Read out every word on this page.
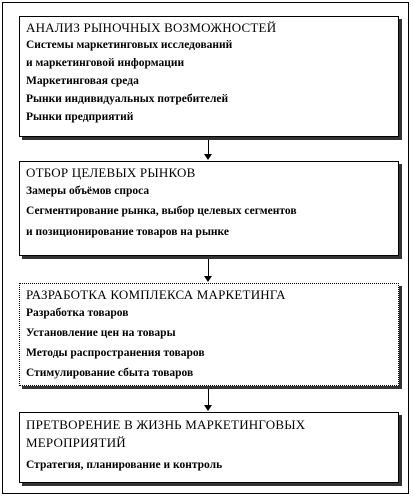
АНАЛИЗ РЫНОЧНЫХ ВОЗМОЖНОСТЕЙ
Системы маркетинговых исследований
и маркетинговой информации
Маркетинговая среда
Рынки индивидуальных потребителей
Рынки предприятий
ОТБОР ЦЕЛЕВЫХ РЫНКОВ
Замеры объёмов спроса
Сегментирование рынка, выбор целевых сегментов
и позиционирование товаров на рынке
РАЗРАБОТКА КОМПЛЕКСА МАРКЕТИНГА
Разработка товаров
Установление цен на товары
Методы распространения товаров
Стимулирование сбыта товаров
ПРЕТВОРЕНИЕ В ЖИЗНЬ МАРКЕТИНГОВЫХ
МЕРОПРИЯТИЙ
Стратегия, планирование и контроль
